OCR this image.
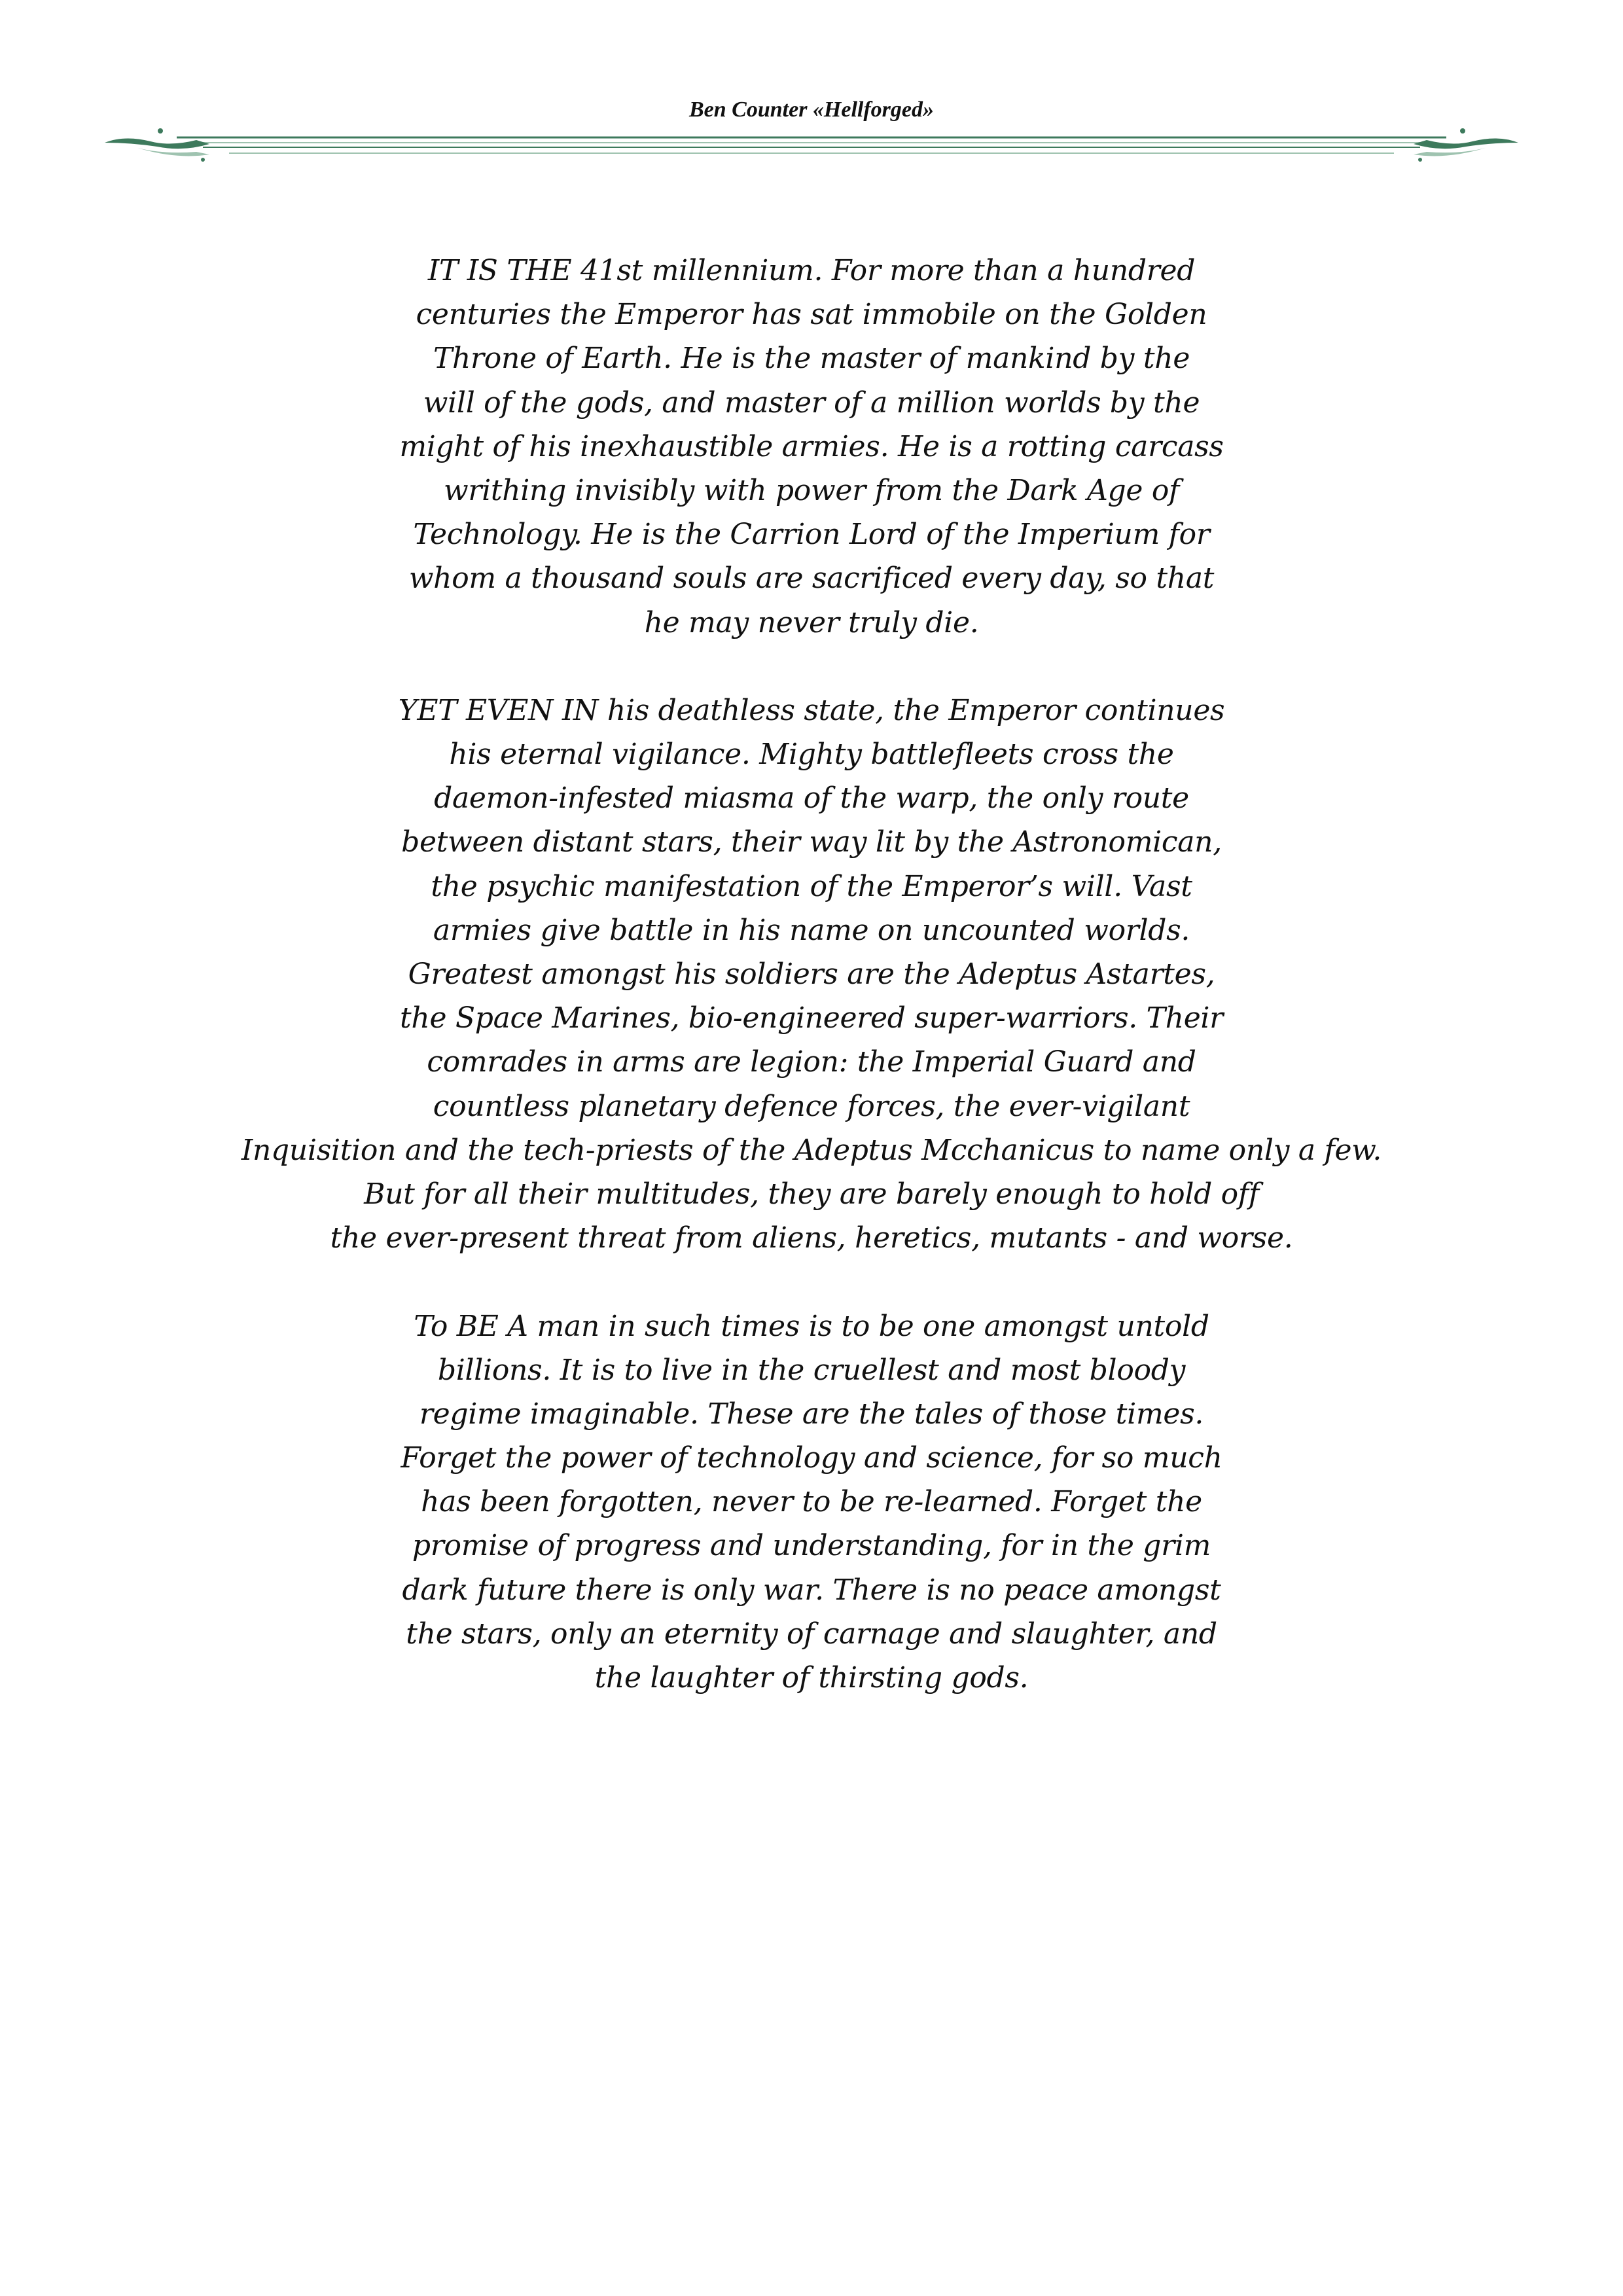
Ben Counter «Hellforged»
IT IS THE 41st millennium. For more than a hundred
centuries the Emperor has sat immobile on the Golden
Throne of Earth. He is the master of mankind by the
will of the gods, and master of a million worlds by the
might of his inexhaustible armies. He is a rotting carcass
writhing invisibly with power from the Dark Age of
Technology. He is the Carrion Lord of the Imperium for
whom a thousand souls are sacrificed every day, so that
he may never truly die.
YET EVEN IN his deathless state, the Emperor continues
his eternal vigilance. Mighty battlefleets cross the
daemon-infested miasma of the warp, the only route
between distant stars, their way lit by the Astronomican,
the psychic manifestation of the Emperor’s will. Vast
armies give battle in his name on uncounted worlds.
Greatest amongst his soldiers are the Adeptus Astartes,
the Space Marines, bio-engineered super-warriors. Their
comrades in arms are legion: the Imperial Guard and
countless planetary defence forces, the ever-vigilant
Inquisition and the tech-priests of the Adeptus Mcchanicus to name only a few.
But for all their multitudes, they are barely enough to hold off
the ever-present threat from aliens, heretics, mutants - and worse.
To BE A man in such times is to be one amongst untold
billions. It is to live in the cruellest and most bloody
regime imaginable. These are the tales of those times.
Forget the power of technology and science, for so much
has been forgotten, never to be re-learned. Forget the
promise of progress and understanding, for in the grim
dark future there is only war. There is no peace amongst
the stars, only an eternity of carnage and slaughter, and
the laughter of thirsting gods.
